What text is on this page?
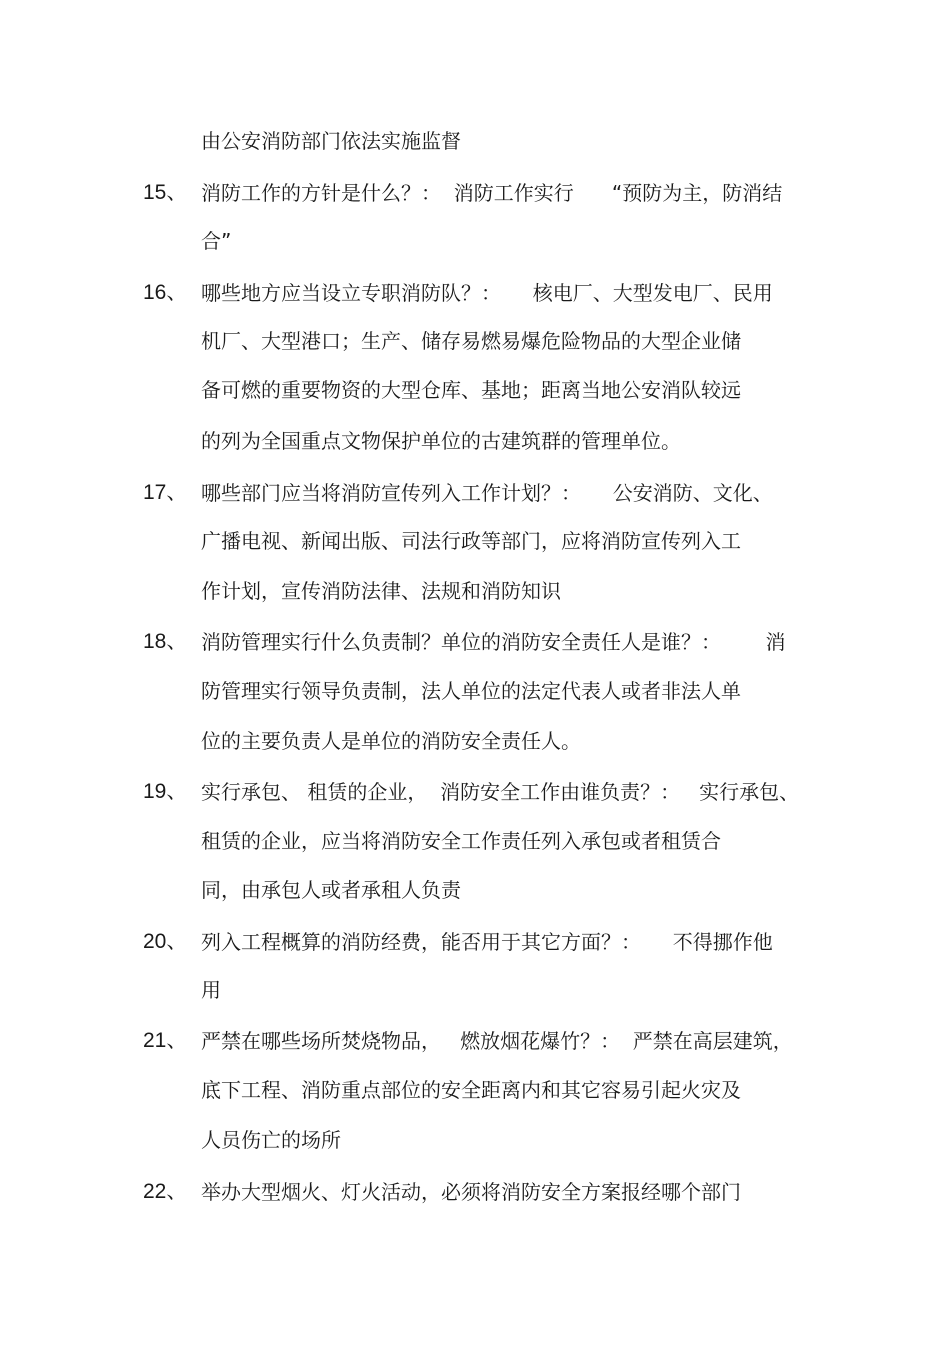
由公安消防部门依法实施监督
15、 消防工作的方针是什么？：  消防工作实行      “预防为主，防消结
合”
16、 哪些地方应当设立专职消防队？：     核电厂、大型发电厂、民用
机厂、大型港口；生产、储存易燃易爆危险物品的大型企业储
备可燃的重要物资的大型仓库、基地；距离当地公安消队较远
的列为全国重点文物保护单位的古建筑群的管理单位。
17、 哪些部门应当将消防宣传列入工作计划？：     公安消防、文化、
广播电视、新闻出版、司法行政等部门，应将消防宣传列入工
作计划，宣传消防法律、法规和消防知识
18、 消防管理实行什么负责制？单位的消防安全责任人是谁？：       消
防管理实行领导负责制，法人单位的法定代表人或者非法人单
位的主要负责人是单位的消防安全责任人。
19、 实行承包、 租赁的企业，  消防安全工作由谁负责？：   实行承包、
租赁的企业，应当将消防安全工作责任列入承包或者租赁合
同，由承包人或者承租人负责
20、 列入工程概算的消防经费，能否用于其它方面？：     不得挪作他
用
21、 严禁在哪些场所焚烧物品，   燃放烟花爆竹？：  严禁在高层建筑，
底下工程、消防重点部位的安全距离内和其它容易引起火灾及
人员伤亡的场所
22、 举办大型烟火、灯火活动，必须将消防安全方案报经哪个部门
